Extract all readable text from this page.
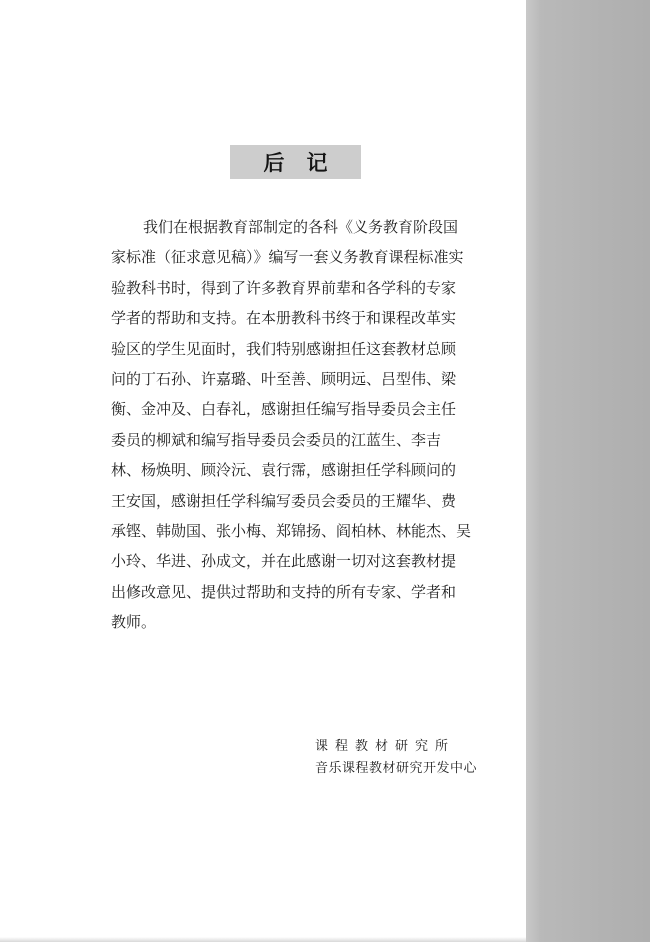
后记
我们在根据教育部制定的各科《义务教育阶段国
家标准（征求意见稿）》编写一套义务教育课程标准实
验教科书时，得到了许多教育界前辈和各学科的专家
学者的帮助和支持。在本册教科书终于和课程改革实
验区的学生见面时，我们特别感谢担任这套教材总顾
问的丁石孙、许嘉璐、叶至善、顾明远、吕型伟、梁
衡、金冲及、白春礼，感谢担任编写指导委员会主任
委员的柳斌和编写指导委员会委员的江蓝生、李吉
林、杨焕明、顾泠沅、袁行霈，感谢担任学科顾问的
王安国，感谢担任学科编写委员会委员的王耀华、费
承铿、韩勋国、张小梅、郑锦扬、阎柏林、林能杰、吴
小玲、华进、孙成文，并在此感谢一切对这套教材提
出修改意见、提供过帮助和支持的所有专家、学者和
教师。
课程教材研究所
音乐课程教材研究开发中心
